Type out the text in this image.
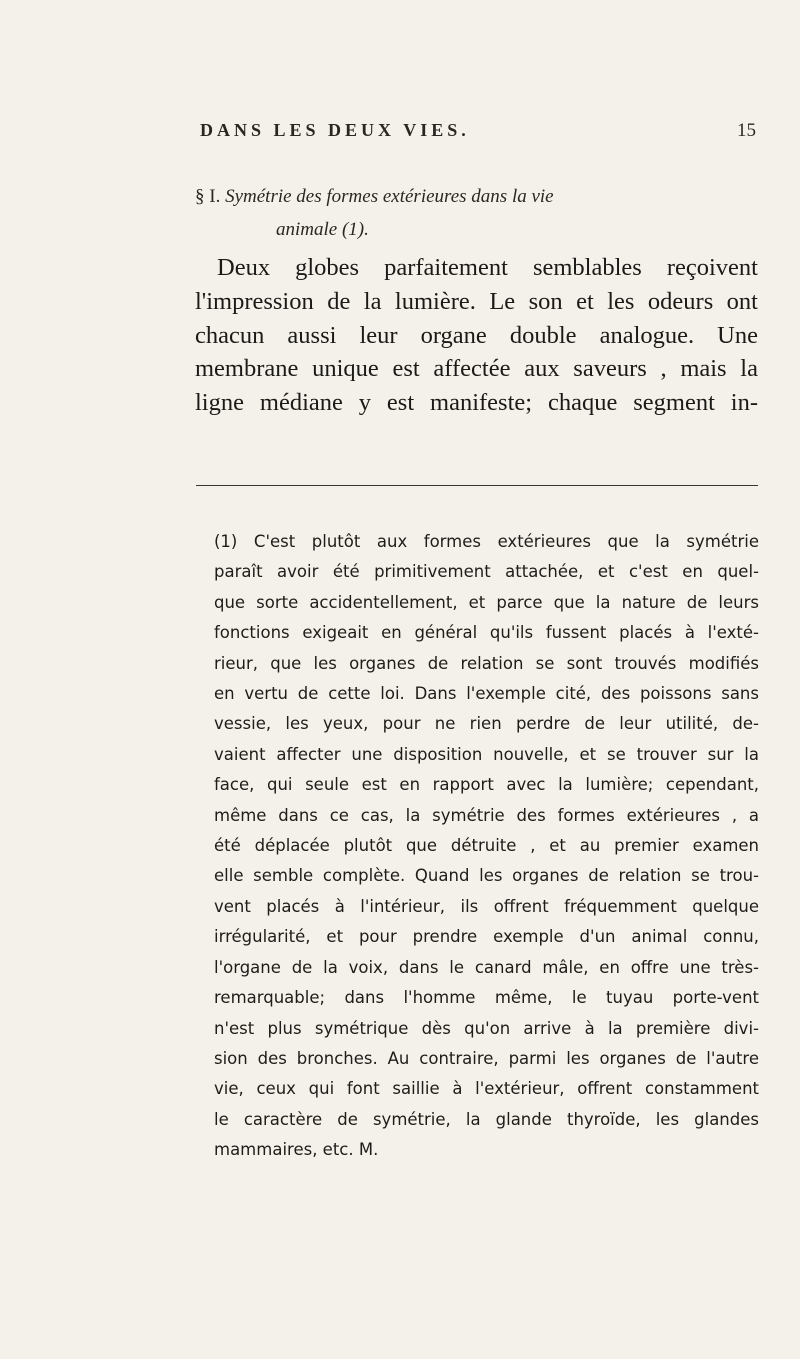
DANS LES DEUX VIES.	15
§ I. Symétrie des formes extérieures dans la vie
animale (1).
Deux globes parfaitement semblables reçoivent
l'impression de la lumière. Le son et les odeurs ont
chacun aussi leur organe double analogue. Une
membrane unique est affectée aux saveurs , mais la
ligne médiane y est manifeste; chaque segment in-
(1) C'est plutôt aux formes extérieures que la symétrie
paraît avoir été primitivement attachée, et c'est en quel-
que sorte accidentellement, et parce que la nature de leurs
fonctions exigeait en général qu'ils fussent placés à l'exté-
rieur, que les organes de relation se sont trouvés modifiés
en vertu de cette loi. Dans l'exemple cité, des poissons sans
vessie, les yeux, pour ne rien perdre de leur utilité, de-
vaient affecter une disposition nouvelle, et se trouver sur la
face, qui seule est en rapport avec la lumière; cependant,
même dans ce cas, la symétrie des formes extérieures , a
été déplacée plutôt que détruite , et au premier examen
elle semble complète. Quand les organes de relation se trou-
vent placés à l'intérieur, ils offrent fréquemment quelque
irrégularité, et pour prendre exemple d'un animal connu,
l'organe de la voix, dans le canard mâle, en offre une très-
remarquable; dans l'homme même, le tuyau porte-vent
n'est plus symétrique dès qu'on arrive à la première divi-
sion des bronches. Au contraire, parmi les organes de l'autre
vie, ceux qui font saillie à l'extérieur, offrent constamment
le caractère de symétrie, la glande thyroïde, les glandes
mammaires, etc. M.
